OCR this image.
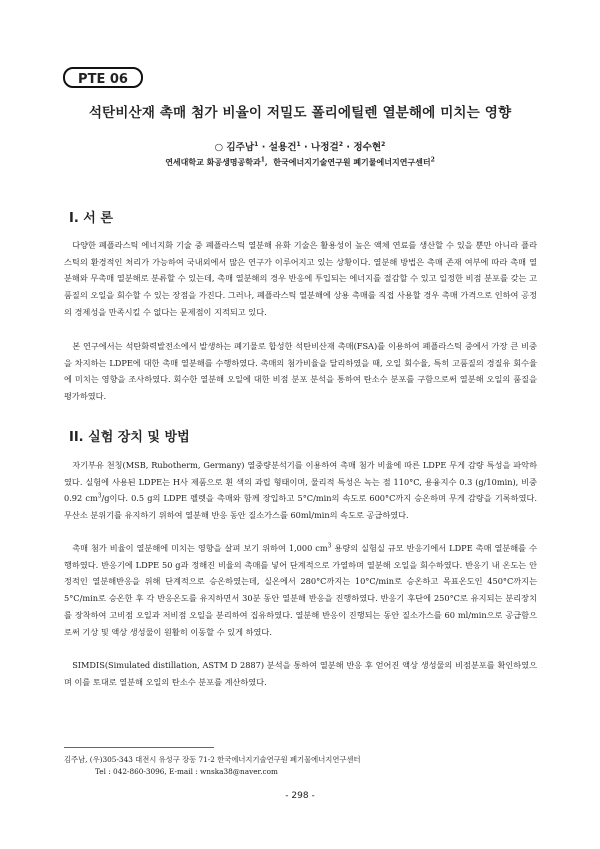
PTE 06
석탄비산재 촉매 첨가 비율이 저밀도 폴리에틸렌 열분해에 미치는 영향
○ 김주남$^1$ · 설용건$^1$ · 나정걸$^2$ · 정수현$^2$
연세대학교 화공생명공학과$^1$,  한국에너지기술연구원 폐기물에너지연구센터$^2$
I. 서 론

다양한 폐플라스틱 에너지화 기술 중 폐플라스틱 열분해 유화 기술은 활용성이 높은 액체 연료를 생산할 수 있을 뿐만 아니라 플라스틱의 환경적인 처리가 가능하여 국내외에서 많은 연구가 이루어지고 있는 상황이다. 열분해 방법은 촉매 존재 여부에 따라 촉매 열분해와 무촉매 열분해로 분류할 수 있는데, 촉매 열분해의 경우 반응에 투입되는 에너지를 절감할 수 있고 일정한 비점 분포를 갖는 고품질의 오일을 회수할 수 있는 장점을 가진다. 그러나, 폐플라스틱 열분해에 상용 촉매를 직접 사용할 경우 촉매 가격으로 인하여 공정의 경제성을 만족시킬 수 없다는 문제점이 지적되고 있다.

본 연구에서는 석탄화력발전소에서 발생하는 폐기물로 합성한 석탄비산재 촉매(FSA)를 이용하여 폐플라스틱 중에서 가장 큰 비중을 차지하는 LDPE에 대한 촉매 열분해를 수행하였다. 촉매의 첨가비율을 달리하였을 때, 오일 회수율, 특히 고품질의 경질유 회수율에 미치는 영향을 조사하였다. 회수한 열분해 오일에 대한 비점 분포 분석을 통하여 탄소수 분포를 구함으로써 열분해 오일의 품질을 평가하였다.

II. 실험 장치 및 방법

자기부유 천칭(MSB, Rubotherm, Germany) 열중량분석기를 이용하여 촉매 첨가 비율에 따른 LDPE 무게 감량 특성을 파악하였다. 실험에 사용된 LDPE는 H사 제품으로 흰 색의 과립 형태이며, 물리적 특성은 녹는 점 110°C, 용융지수 0.3 (g/10min), 비중 0.92 $cm^3/g$이다. 0.5 g의 LDPE 펠렛을 촉매와 함께 장입하고 5°C/min의 속도로 600°C까지 승온하며 무게 감량을 기록하였다. 무산소 분위기를 유지하기 위하여 열분해 반응 동안 질소가스를 60ml/min의 속도로 공급하였다.

촉매 첨가 비율이 열분해에 미치는 영향을 살펴 보기 위하여 1,000 $cm^3$ 용량의 실험실 규모 반응기에서 LDPE 촉매 열분해를 수행하였다. 반응기에 LDPE 50 g과 정해진 비율의 촉매를 넣어 단계적으로 가열하며 열분해 오일을 회수하였다. 반응기 내 온도는 안정적인 열분해반응을 위해 단계적으로 승온하였는데, 실온에서 280°C까지는 10°C/min로 승온하고 목표온도인 450°C까지는 5°C/min로 승온한 후 각 반응온도를 유지하면서 30분 동안 열분해 반응을 진행하였다. 반응기 후단에 250°C로 유지되는 분리장치를 장착하여 고비점 오일과 저비점 오일을 분리하여 집유하였다. 열분해 반응이 진행되는 동안 질소가스를 60 ml/min으로 공급함으로써 기상 및 액상 생성물이 원활히 이동할 수 있게 하였다.

SIMDIS(Simulated distillation, ASTM D 2887) 분석을 통하여 열분해 반응 후 얻어진 액상 생성물의 비점분포를 확인하였으며 이를 토대로 열분해 오일의 탄소수 분포를 계산하였다.

김주남, (우)305-343 대전시 유성구 장동 71-2 한국에너지기술연구원 폐기물에너지연구센터
Tel : 042-860-3096, E-mail : wnska38@naver.com
- 298 -
